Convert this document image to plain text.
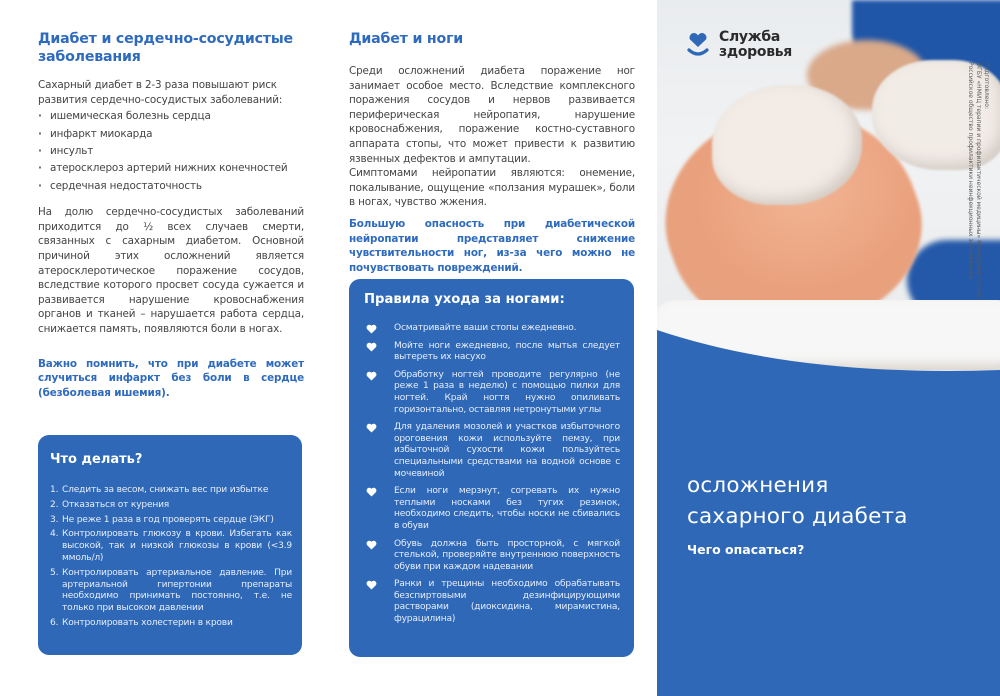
Диабет и сердечно-сосудистые заболевания

Сахарный диабет в 2-3 раза повышают риск развития сердечно-сосудистых заболеваний:

· ишемическая болезнь сердца
· инфаркт миокарда
· инсульт
· атеросклероз артерий нижних конечностей
· сердечная недостаточность

На долю сердечно-сосудистых заболеваний приходится до ½ всех случаев смерти, связанных с сахарным диабетом. Основной причиной этих осложнений является атеросклеротическое поражение сосудов, вследствие которого просвет сосуда сужается и развивается нарушение кровоснабжения органов и тканей – нарушается работа сердца, снижается память, появляются боли в ногах.

Важно помнить, что при диабете может случиться инфаркт без боли в сердце (безболевая ишемия).

Что делать?
1. Следить за весом, снижать вес при избытке
2. Отказаться от курения
3. Не реже 1 раза в год проверять сердце (ЭКГ)
4. Контролировать глюкозу в крови. Избегать как высокой, так и низкой глюкозы в крови (<3.9 ммоль/л)
5. Контролировать артериальное давление. При артериальной гипертонии препараты необходимо принимать постоянно, т.е. не только при высоком давлении
6. Контролировать холестерин в крови
Диабет и ноги

Среди осложнений диабета поражение ног занимает особое место. Вследствие комплексного поражения сосудов и нервов развивается периферическая нейропатия, нарушение кровоснабжения, поражение костно-суставного аппарата стопы, что может привести к развитию язвенных дефектов и ампутации.

Симптомами нейропатии являются: онемение, покалывание, ощущение «ползания мурашек», боли в ногах, чувство жжения.

Большую опасность при диабетической нейропатии представляет снижение чувствительности ног, из-за чего можно не почувствовать повреждений.

Правила ухода за ногами:
Осматривайте ваши стопы ежедневно.
Мойте ноги ежедневно, после мытья следует вытереть их насухо
Обработку ногтей проводите регулярно (не реже 1 раза в неделю) с помощью пилки для ногтей. Край ногтя нужно опиливать горизонтально, оставляя нетронутыми углы
Для удаления мозолей и участков избыточного ороговения кожи используйте пемзу, при избыточной сухости кожи пользуйтесь специальными средствами на водной основе с мочевиной
Если ноги мерзнут, согревать их нужно теплыми носками без тугих резинок, необходимо следить, чтобы носки не сбивались в обуви
Обувь должна быть просторной, с мягкой стелькой, проверяйте внутреннюю поверхность обуви при каждом надевании
Ранки и трещины необходимо обрабатывать безспиртовыми дезинфицирующими растворами (диоксидина, мирамистина, фурацилина)
Служба
здоровья
Подготовлено:
ФГБУ «НМИЦ терапии и профилактической медицины» Минздрава России
Российское общество профилактики неинфекционных заболеваний
осложнения
сахарного диабета
Чего опасаться?
